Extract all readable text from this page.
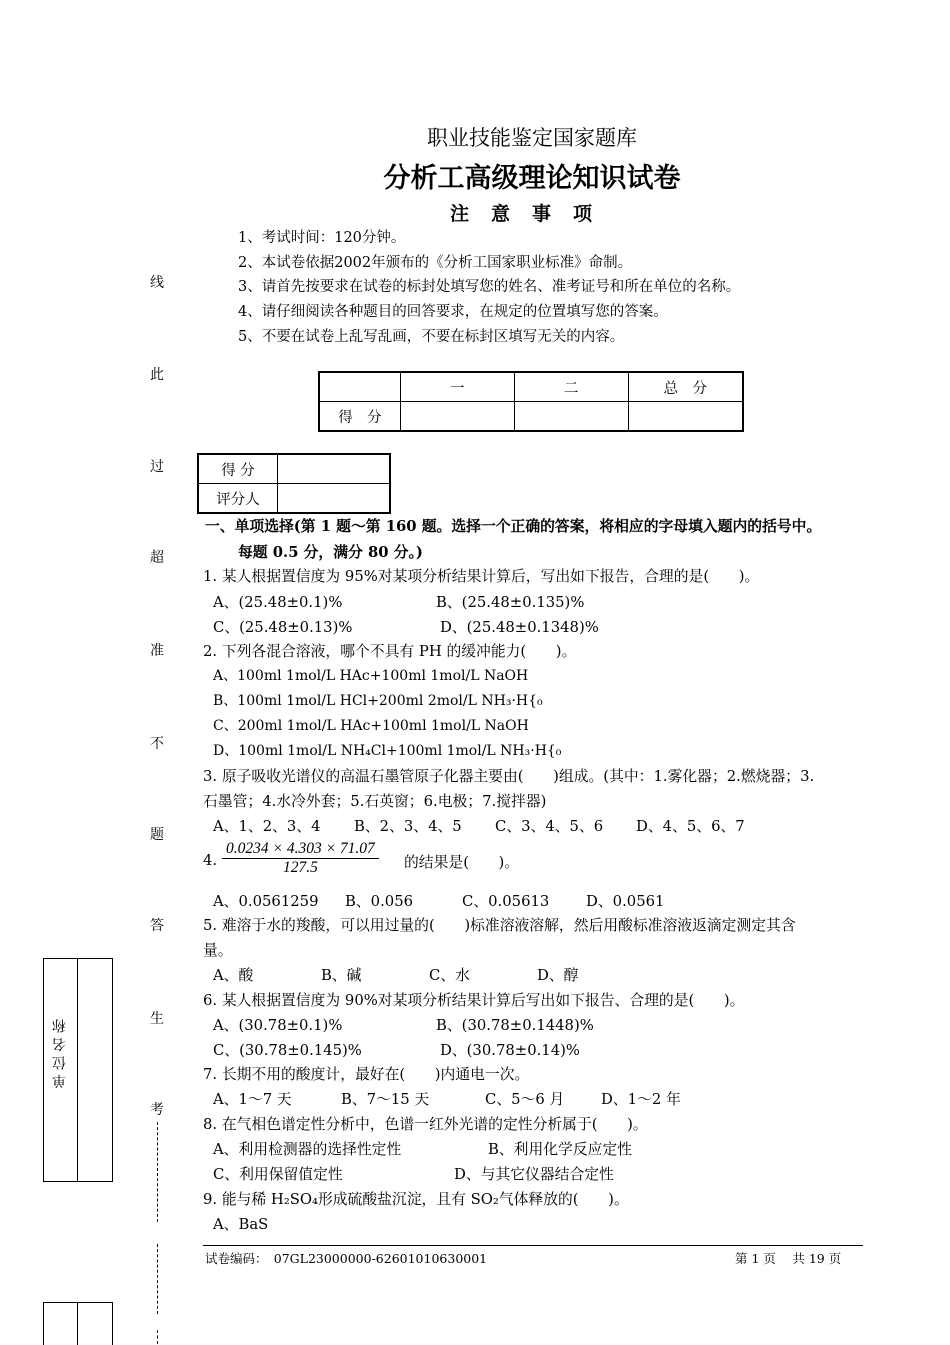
职业技能鉴定国家题库
分析工高级理论知识试卷
注意事项
1、考试时间：120分钟。
2、本试卷依据2002年颁布的《分析工国家职业标准》命制。
3、请首先按要求在试卷的标封处填写您的姓名、准考证号和所在单位的名称。
4、请仔细阅读各种题目的回答要求，在规定的位置填写您的答案。
5、不要在试卷上乱写乱画，不要在标封区填写无关的内容。
线
此
过
超
准
不
题
答
生
考
单 位 名 称
	一	二	总　分
得　分			
得 分	
评分人	
一、单项选择(第 1 题～第 160 题。选择一个正确的答案，将相应的字母填入题内的括号中。
每题 0.5 分，满分 80 分。)
1. 某人根据置信度为 95%对某项分析结果计算后，写出如下报告，合理的是(　　)。
A、(25.48±0.1)%	B、(25.48±0.135)%
C、(25.48±0.13)%	D、(25.48±0.1348)%
2. 下列各混合溶液，哪个不具有 PH 的缓冲能力(　　)。
A、100ml 1mol/L HAc+100ml 1mol/L NaOH
B、100ml 1mol/L HCl+200ml 2mol/L NH₃·H{₀
C、200ml 1mol/L HAc+100ml 1mol/L NaOH
D、100ml 1mol/L NH₄Cl+100ml 1mol/L NH₃·H{₀
3. 原子吸收光谱仪的高温石墨管原子化器主要由(　　)组成。(其中：1.雾化器；2.燃烧器；3.
石墨管；4.水冷外套；5.石英窗；6.电极；7.搅拌器)
A、1、2、3、4 B、2、3、4、5 C、3、4、5、6 D、4、5、6、7
4. $\frac{0.0234 \times 4.303 \times 71.07}{127.5}$ 的结果是(　　)。
A、0.0561259 B、0.056	C、0.05613 D、0.0561
5. 难溶于水的羧酸，可以用过量的(　　)标准溶液溶解，然后用酸标准溶液返滴定测定其含
量。
A、酸	B、碱	C、水	D、醇
6. 某人根据置信度为 90%对某项分析结果计算后写出如下报告、合理的是(　　)。
A、(30.78±0.1)%	B、(30.78±0.1448)%
C、(30.78±0.145)%	D、(30.78±0.14)%
7. 长期不用的酸度计，最好在(　　)内通电一次。
A、1～7 天	B、7～15 天	C、5～6 月 D、1～2 年
8. 在气相色谱定性分析中，色谱一红外光谱的定性分析属于(　　)。
A、利用检测器的选择性定性	B、利用化学反应定性
C、利用保留值定性	D、与其它仪器结合定性
9. 能与稀 H₂SO₄形成硫酸盐沉淀，且有 SO₂气体释放的(　　)。
A、BaS
试卷编码：　07GL23000000-62601010630001	第 1 页　 共 19 页
